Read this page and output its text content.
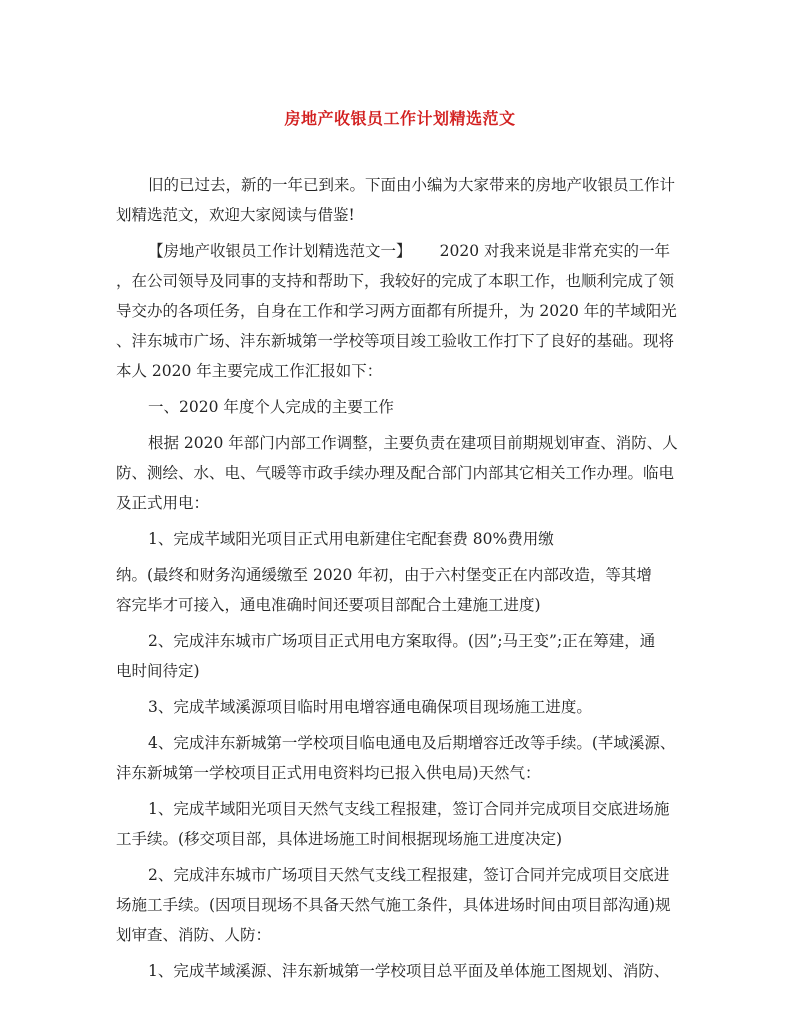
房地产收银员工作计划精选范文

旧的已过去，新的一年已到来。下面由小编为大家带来的房地产收银员工作计

划精选范文，欢迎大家阅读与借鉴!

【房地产收银员工作计划精选范文一】　　 2020 对我来说是非常充实的一年

，在公司领导及同事的支持和帮助下，我较好的完成了本职工作，也顺利完成了领

导交办的各项任务，自身在工作和学习两方面都有所提升，为 2020 年的芊域阳光

、沣东城市广场、沣东新城第一学校等项目竣工验收工作打下了良好的基础。现将

本人 2020 年主要完成工作汇报如下：

一、2020 年度个人完成的主要工作

根据 2020 年部门内部工作调整，主要负责在建项目前期规划审查、消防、人

防、测绘、水、电、气暖等市政手续办理及配合部门内部其它相关工作办理。临电

及正式用电：

1、完成芊域阳光项目正式用电新建住宅配套费 80%费用缴

纳。(最终和财务沟通缓缴至 2020 年初，由于六村堡变正在内部改造，等其增

容完毕才可接入，通电准确时间还要项目部配合土建施工进度)

2、完成沣东城市广场项目正式用电方案取得。(因”;马王变”;正在筹建，通

电时间待定)

3、完成芊域溪源项目临时用电增容通电确保项目现场施工进度。

4、完成沣东新城第一学校项目临电通电及后期增容迁改等手续。(芊域溪源、

沣东新城第一学校项目正式用电资料均已报入供电局)天然气：

1、完成芊域阳光项目天然气支线工程报建，签订合同并完成项目交底进场施

工手续。(移交项目部，具体进场施工时间根据现场施工进度决定)

2、完成沣东城市广场项目天然气支线工程报建，签订合同并完成项目交底进

场施工手续。(因项目现场不具备天然气施工条件，具体进场时间由项目部沟通)规

划审查、消防、人防：

1、完成芊域溪源、沣东新城第一学校项目总平面及单体施工图规划、消防、
